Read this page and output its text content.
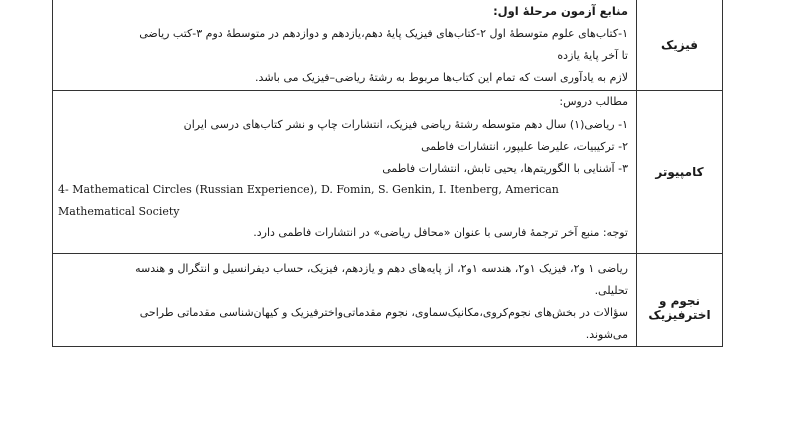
فیزیک
منابع آزمون مرحلهٔ اول:
۱-کتاب‌های علوم متوسطهٔ اول ۲-کتاب‌های فیزیک پایهٔ دهم،یازدهم و دوازدهم در متوسطهٔ دوم ۳-کتب ریاضی
تا آخر پایهٔ یازده
لازم به یادآوری است که تمام این کتاب‌ها مربوط به رشتهٔ ریاضی–فیزیک می باشد.
کامپیوتر
مطالب دروس:
۱- ریاضی(۱) سال دهم متوسطه رشتهٔ ریاضی فیزیک، انتشارات چاپ و نشر کتاب‌های درسی ایران
۲- ترکیبیات، علیرضا علیپور، انتشارات فاطمی
۳- آشنایی با الگوریتم‌ها، یحیی تابش، انتشارات فاطمی
4- Mathematical Circles (Russian Experience), D. Fomin, S. Genkin, I. Itenberg, American
Mathematical Society
توجه: منبع آخر ترجمهٔ فارسی با عنوان «محافل ریاضی» در انتشارات فاطمی دارد.
نجوم و اخترفیزیک
ریاضی ۱ و۲، فیزیک ۱و۲، هندسه ۱و۲، از پایه‌های دهم و یازدهم، فیزیک، حساب دیفرانسیل و انتگرال و هندسه
تحلیلی.
سؤالات در بخش‌های نجوم‌کروی،مکانیک‌سماوی، نجوم مقدماتی‌واخترفیزیک و کیهان‌شناسی مقدماتی طراحی
می‌شوند.
